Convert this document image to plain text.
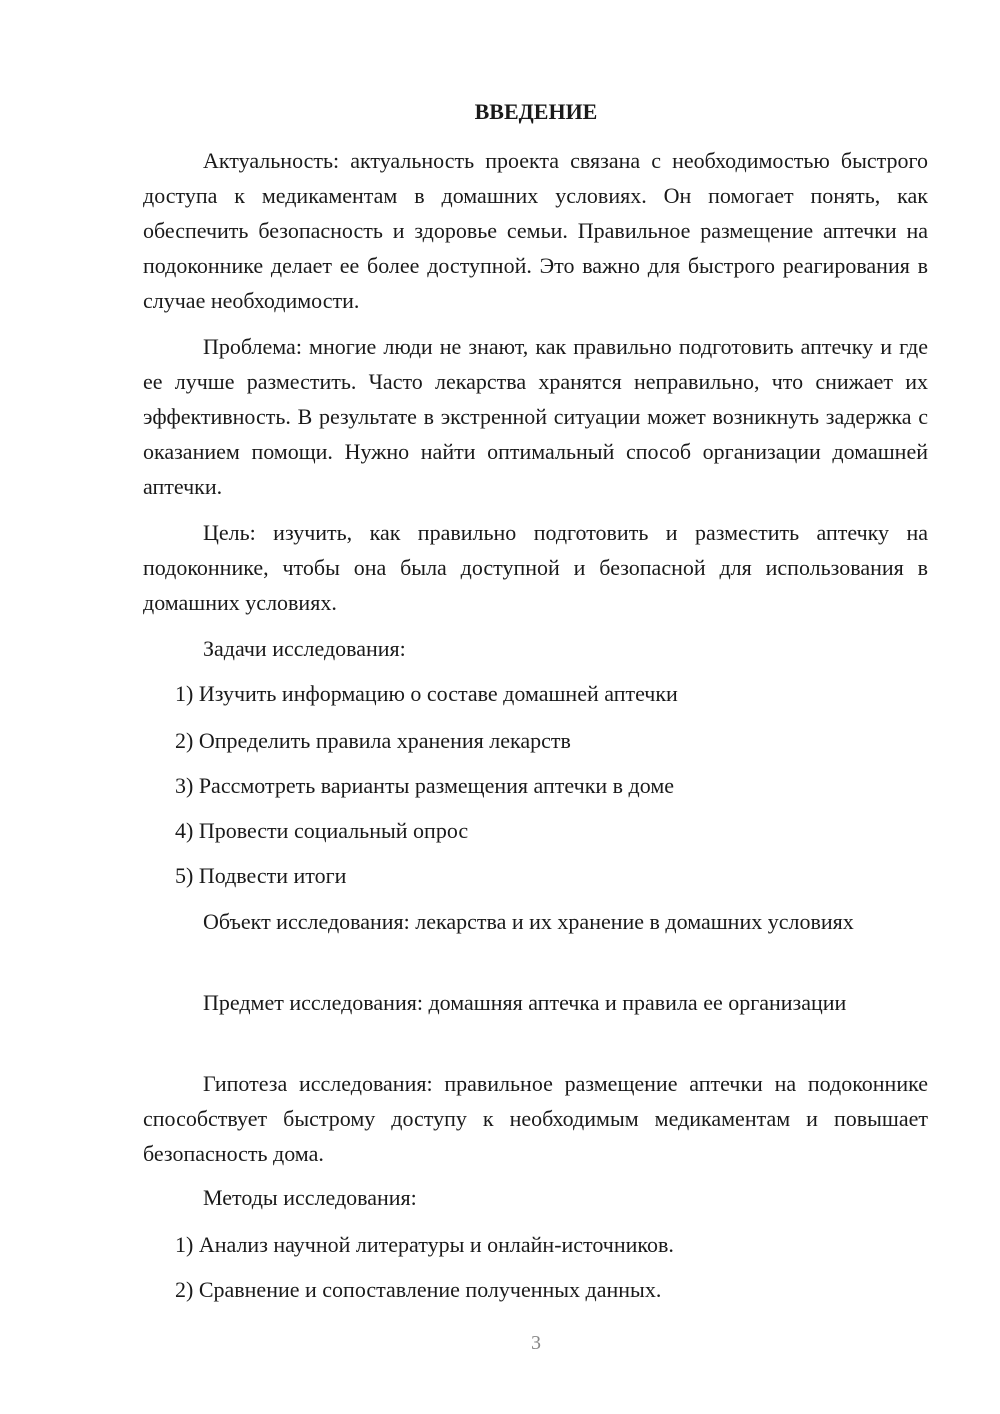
ВВЕДЕНИЕ
Актуальность: актуальность проекта связана с необходимостью быстрого доступа к медикаментам в домашних условиях. Он помогает понять, как обеспечить безопасность и здоровье семьи. Правильное размещение аптечки на подоконнике делает ее более доступной. Это важно для быстрого реагирования в случае необходимости.
Проблема: многие люди не знают, как правильно подготовить аптечку и где ее лучше разместить. Часто лекарства хранятся неправильно, что снижает их эффективность. В результате в экстренной ситуации может возникнуть задержка с оказанием помощи. Нужно найти оптимальный способ организации домашней аптечки.
Цель: изучить, как правильно подготовить и разместить аптечку на подоконнике, чтобы она была доступной и безопасной для использования в домашних условиях.
Задачи исследования:
1) Изучить информацию о составе домашней аптечки
2) Определить правила хранения лекарств
3) Рассмотреть варианты размещения аптечки в доме
4) Провести социальный опрос
5) Подвести итоги
Объект исследования: лекарства и их хранение в домашних условиях
Предмет исследования: домашняя аптечка и правила ее организации
Гипотеза исследования: правильное размещение аптечки на подоконнике способствует быстрому доступу к необходимым медикаментам и повышает безопасность дома.
Методы исследования:
1) Анализ научной литературы и онлайн-источников.
2) Сравнение и сопоставление полученных данных.
3
